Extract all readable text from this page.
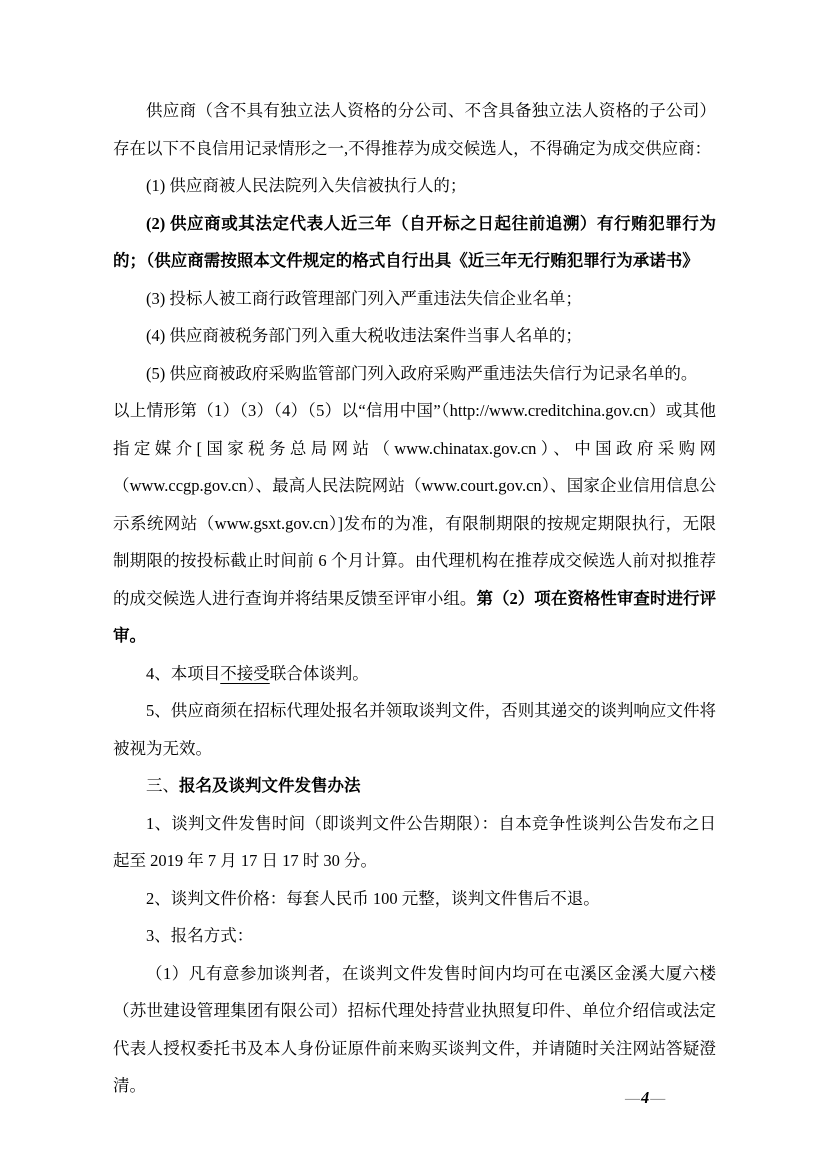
供应商（含不具有独立法人资格的分公司、不含具备独立法人资格的子公司）存在以下不良信用记录情形之一,不得推荐为成交候选人，不得确定为成交供应商：

(1) 供应商被人民法院列入失信被执行人的；

(2) 供应商或其法定代表人近三年（自开标之日起往前追溯）有行贿犯罪行为的；（供应商需按照本文件规定的格式自行出具《近三年无行贿犯罪行为承诺书》

(3) 投标人被工商行政管理部门列入严重违法失信企业名单；

(4) 供应商被税务部门列入重大税收违法案件当事人名单的；

(5) 供应商被政府采购监管部门列入政府采购严重违法失信行为记录名单的。

以上情形第（1）（3）（4）（5）以“信用中国”（http://www.creditchina.gov.cn）或其他指定媒介[国家税务总局网站（www.chinatax.gov.cn）、中国政府采购网（www.ccgp.gov.cn）、最高人民法院网站（www.court.gov.cn）、国家企业信用信息公示系统网站（www.gsxt.gov.cn）]发布的为准，有限制期限的按规定期限执行，无限制期限的按投标截止时间前 6 个月计算。由代理机构在推荐成交候选人前对拟推荐的成交候选人进行查询并将结果反馈至评审小组。第（2）项在资格性审查时进行评审。

4、本项目不接受联合体谈判。

5、供应商须在招标代理处报名并领取谈判文件，否则其递交的谈判响应文件将被视为无效。

三、报名及谈判文件发售办法

1、谈判文件发售时间（即谈判文件公告期限）：自本竞争性谈判公告发布之日起至 2019 年 7 月 17 日 17 时 30 分。

2、谈判文件价格：每套人民币 100 元整，谈判文件售后不退。

3、报名方式：

（1）凡有意参加谈判者，在谈判文件发售时间内均可在屯溪区金溪大厦六楼（苏世建设管理集团有限公司）招标代理处持营业执照复印件、单位介绍信或法定代表人授权委托书及本人身份证原件前来购买谈判文件，并请随时关注网站答疑澄清。

—4—
